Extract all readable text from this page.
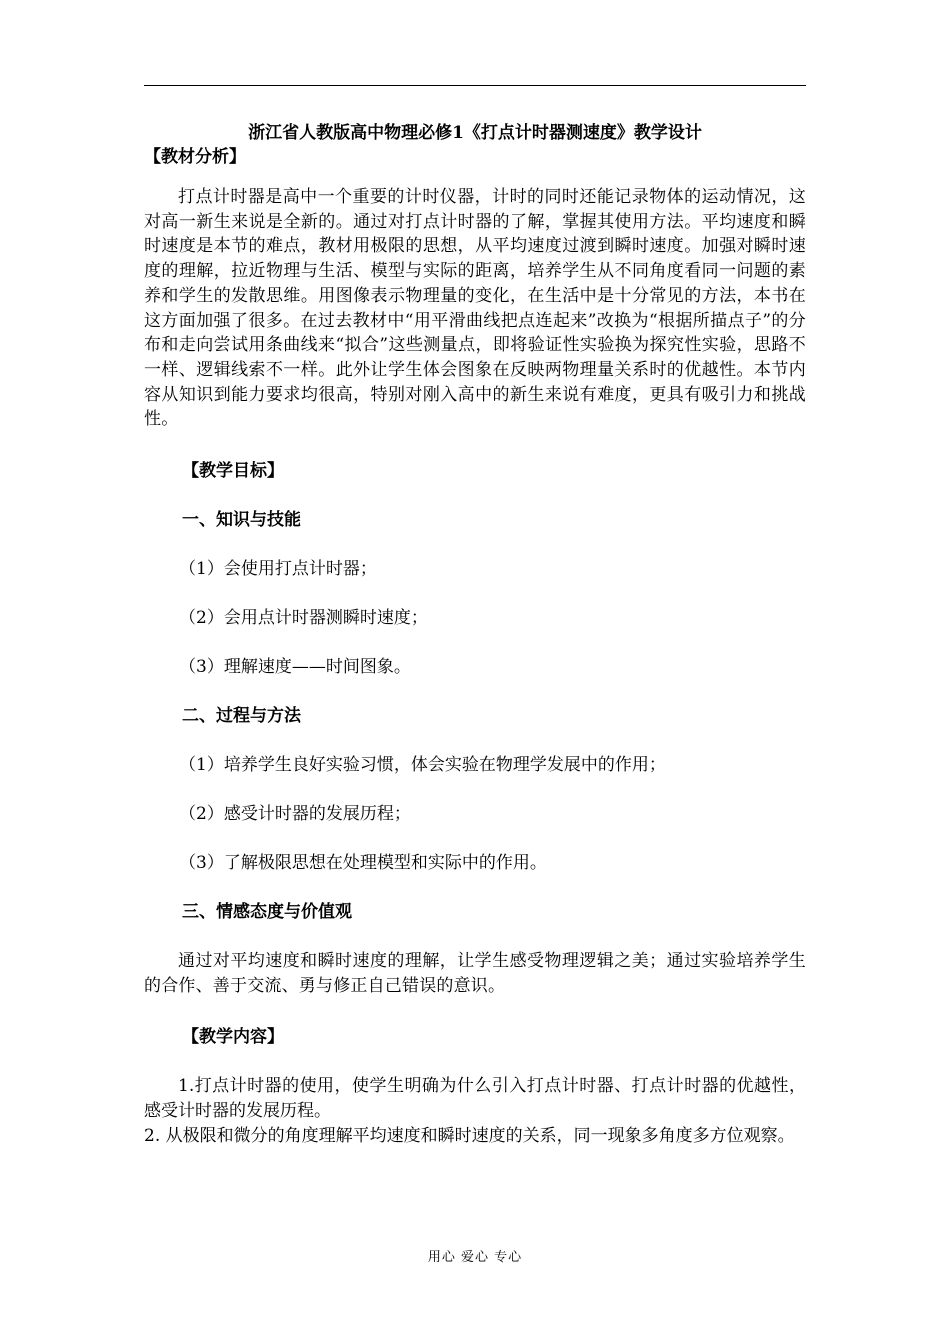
浙江省人教版高中物理必修1《打点计时器测速度》教学设计

【教材分析】

打点计时器是高中一个重要的计时仪器，计时的同时还能记录物体的运动情况，这对高一新生来说是全新的。通过对打点计时器的了解，掌握其使用方法。平均速度和瞬时速度是本节的难点，教材用极限的思想，从平均速度过渡到瞬时速度。加强对瞬时速度的理解，拉近物理与生活、模型与实际的距离，培养学生从不同角度看同一问题的素养和学生的发散思维。用图像表示物理量的变化，在生活中是十分常见的方法，本书在这方面加强了很多。在过去教材中“用平滑曲线把点连起来”改换为“根据所描点子”的分布和走向尝试用条曲线来“拟合”这些测量点，即将验证性实验换为探究性实验，思路不一样、逻辑线索不一样。此外让学生体会图象在反映两物理量关系时的优越性。本节内容从知识到能力要求均很高，特别对刚入高中的新生来说有难度，更具有吸引力和挑战性。

【教学目标】

一、知识与技能

（1）会使用打点计时器；

（2）会用点计时器测瞬时速度；

（3）理解速度——时间图象。

二、过程与方法

（1）培养学生良好实验习惯，体会实验在物理学发展中的作用；

（2）感受计时器的发展历程；

（3）了解极限思想在处理模型和实际中的作用。

三、情感态度与价值观

通过对平均速度和瞬时速度的理解，让学生感受物理逻辑之美；通过实验培养学生的合作、善于交流、勇与修正自己错误的意识。

【教学内容】

1.打点计时器的使用，使学生明确为什么引入打点计时器、打点计时器的优越性，感受计时器的发展历程。

2. 从极限和微分的角度理解平均速度和瞬时速度的关系，同一现象多角度多方位观察。

用心 爱心 专心
